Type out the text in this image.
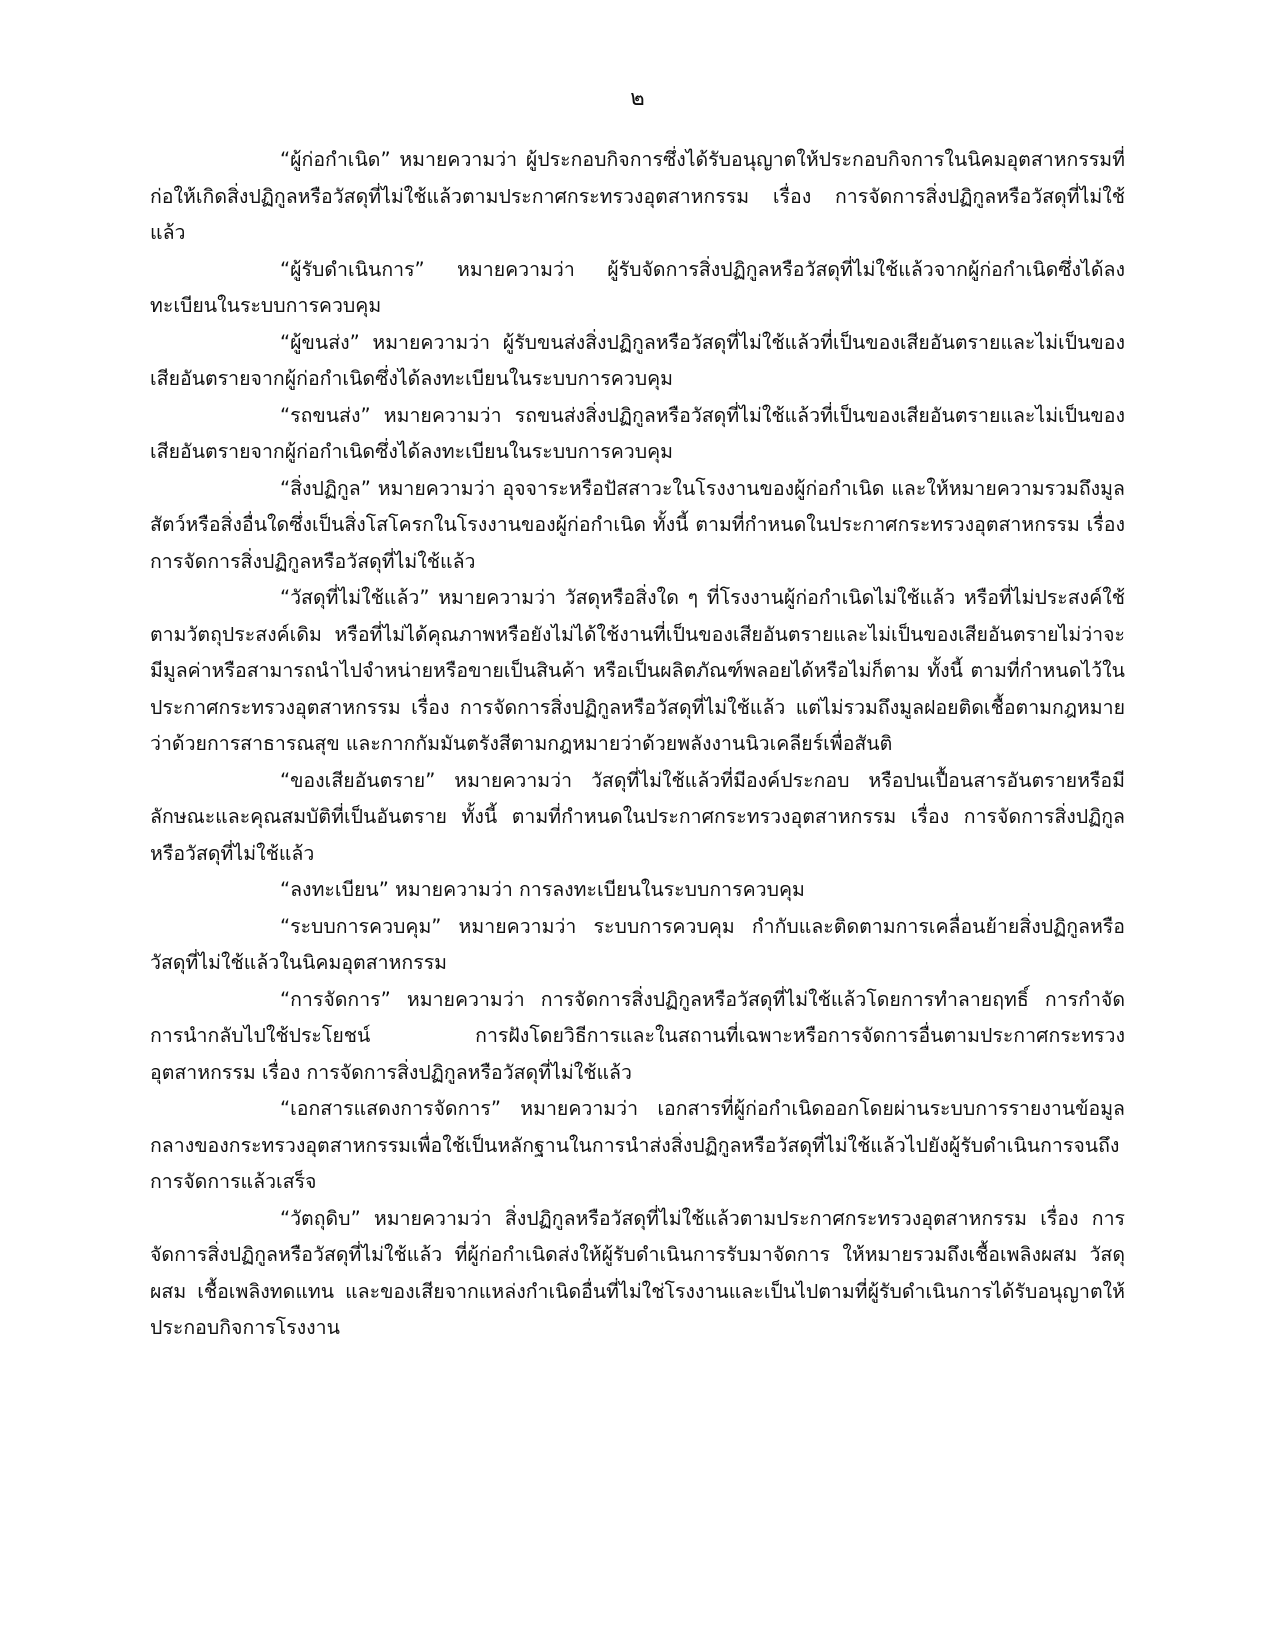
๒

“ผู้ก่อกำเนิด” หมายความว่า ผู้ประกอบกิจการซึ่งได้รับอนุญาตให้ประกอบกิจการในนิคมอุตสาหกรรมที่ก่อให้เกิดสิ่งปฏิกูลหรือวัสดุที่ไม่ใช้แล้วตามประกาศกระทรวงอุตสาหกรรม เรื่อง การจัดการสิ่งปฏิกูลหรือวัสดุที่ไม่ใช้แล้ว

“ผู้รับดำเนินการ” หมายความว่า ผู้รับจัดการสิ่งปฏิกูลหรือวัสดุที่ไม่ใช้แล้วจากผู้ก่อกำเนิดซึ่งได้ลงทะเบียนในระบบการควบคุม

“ผู้ขนส่ง” หมายความว่า ผู้รับขนส่งสิ่งปฏิกูลหรือวัสดุที่ไม่ใช้แล้วที่เป็นของเสียอันตรายและไม่เป็นของเสียอันตรายจากผู้ก่อกำเนิดซึ่งได้ลงทะเบียนในระบบการควบคุม

“รถขนส่ง” หมายความว่า รถขนส่งสิ่งปฏิกูลหรือวัสดุที่ไม่ใช้แล้วที่เป็นของเสียอันตรายและไม่เป็นของเสียอันตรายจากผู้ก่อกำเนิดซึ่งได้ลงทะเบียนในระบบการควบคุม

“สิ่งปฏิกูล” หมายความว่า อุจจาระหรือปัสสาวะในโรงงานของผู้ก่อกำเนิด และให้หมายความรวมถึงมูลสัตว์หรือสิ่งอื่นใดซึ่งเป็นสิ่งโสโครกในโรงงานของผู้ก่อกำเนิด ทั้งนี้ ตามที่กำหนดในประกาศกระทรวงอุตสาหกรรม เรื่อง การจัดการสิ่งปฏิกูลหรือวัสดุที่ไม่ใช้แล้ว

“วัสดุที่ไม่ใช้แล้ว” หมายความว่า วัสดุหรือสิ่งใด ๆ ที่โรงงานผู้ก่อกำเนิดไม่ใช้แล้ว หรือที่ไม่ประสงค์ใช้ตามวัตถุประสงค์เดิม หรือที่ไม่ได้คุณภาพหรือยังไม่ได้ใช้งานที่เป็นของเสียอันตรายและไม่เป็นของเสียอันตรายไม่ว่าจะมีมูลค่าหรือสามารถนำไปจำหน่ายหรือขายเป็นสินค้า หรือเป็นผลิตภัณฑ์พลอยได้หรือไม่ก็ตาม ทั้งนี้ ตามที่กำหนดไว้ในประกาศกระทรวงอุตสาหกรรม เรื่อง การจัดการสิ่งปฏิกูลหรือวัสดุที่ไม่ใช้แล้ว แต่ไม่รวมถึงมูลฝอยติดเชื้อตามกฎหมายว่าด้วยการสาธารณสุข และกากกัมมันตรังสีตามกฎหมายว่าด้วยพลังงานนิวเคลียร์เพื่อสันติ

“ของเสียอันตราย” หมายความว่า วัสดุที่ไม่ใช้แล้วที่มีองค์ประกอบ หรือปนเปื้อนสารอันตรายหรือมีลักษณะและคุณสมบัติที่เป็นอันตราย ทั้งนี้ ตามที่กำหนดในประกาศกระทรวงอุตสาหกรรม เรื่อง การจัดการสิ่งปฏิกูลหรือวัสดุที่ไม่ใช้แล้ว

“ลงทะเบียน” หมายความว่า การลงทะเบียนในระบบการควบคุม

“ระบบการควบคุม” หมายความว่า ระบบการควบคุม กำกับและติดตามการเคลื่อนย้ายสิ่งปฏิกูลหรือวัสดุที่ไม่ใช้แล้วในนิคมอุตสาหกรรม

“การจัดการ” หมายความว่า การจัดการสิ่งปฏิกูลหรือวัสดุที่ไม่ใช้แล้วโดยการทำลายฤทธิ์ การกำจัด การนำกลับไปใช้ประโยชน์ การฝังโดยวิธีการและในสถานที่เฉพาะหรือการจัดการอื่นตามประกาศกระทรวงอุตสาหกรรม เรื่อง การจัดการสิ่งปฏิกูลหรือวัสดุที่ไม่ใช้แล้ว

“เอกสารแสดงการจัดการ” หมายความว่า เอกสารที่ผู้ก่อกำเนิดออกโดยผ่านระบบการรายงานข้อมูลกลางของกระทรวงอุตสาหกรรมเพื่อใช้เป็นหลักฐานในการนำส่งสิ่งปฏิกูลหรือวัสดุที่ไม่ใช้แล้วไปยังผู้รับดำเนินการจนถึงการจัดการแล้วเสร็จ

“วัตถุดิบ” หมายความว่า สิ่งปฏิกูลหรือวัสดุที่ไม่ใช้แล้วตามประกาศกระทรวงอุตสาหกรรม เรื่อง การจัดการสิ่งปฏิกูลหรือวัสดุที่ไม่ใช้แล้ว ที่ผู้ก่อกำเนิดส่งให้ผู้รับดำเนินการรับมาจัดการ ให้หมายรวมถึงเชื้อเพลิงผสม วัสดุผสม เชื้อเพลิงทดแทน และของเสียจากแหล่งกำเนิดอื่นที่ไม่ใช่โรงงานและเป็นไปตามที่ผู้รับดำเนินการได้รับอนุญาตให้ประกอบกิจการโรงงาน
